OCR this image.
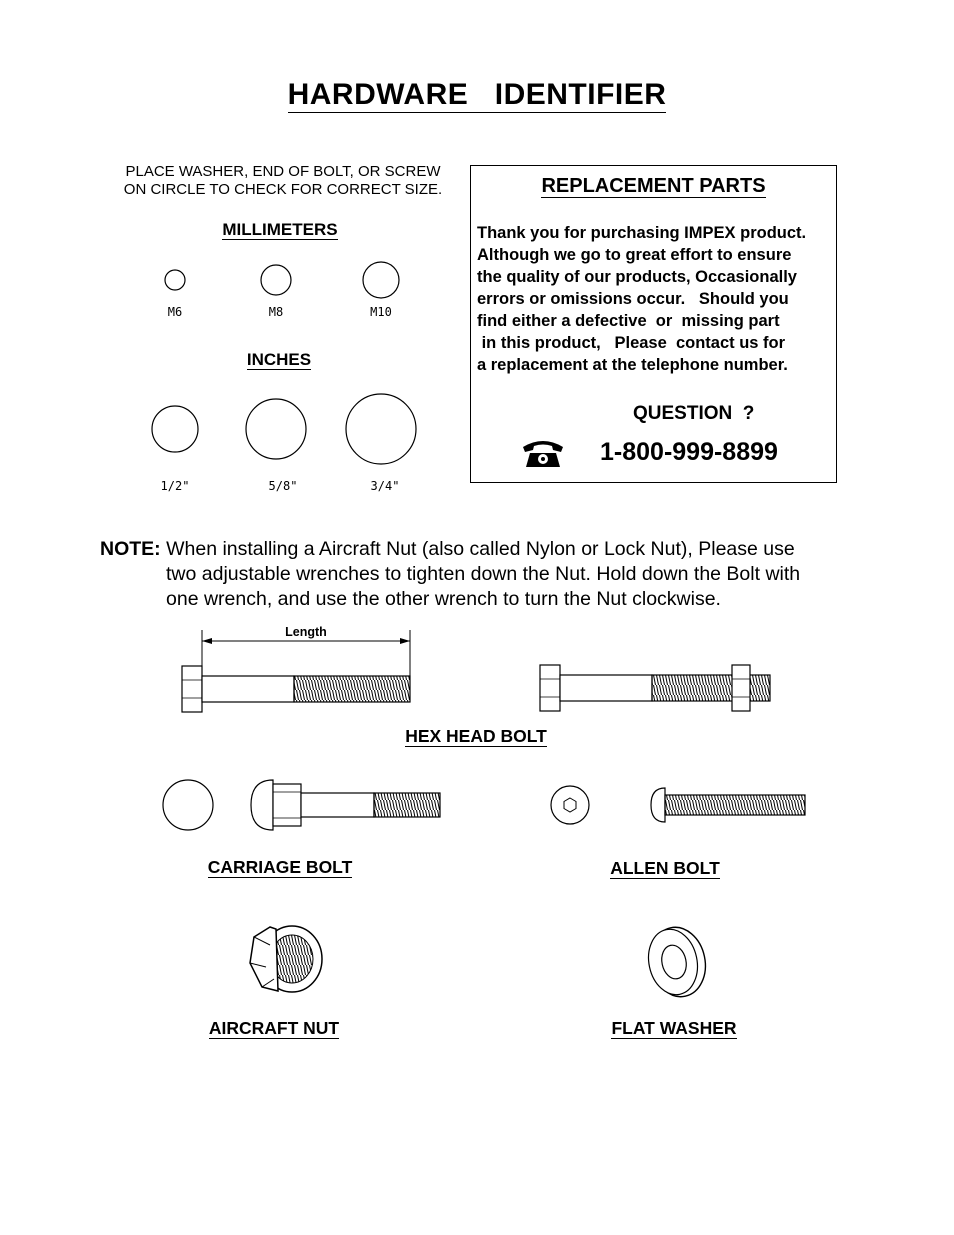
HARDWARE   IDENTIFIER
PLACE WASHER, END OF BOLT, OR SCREW
ON CIRCLE TO CHECK FOR CORRECT SIZE.
MILLIMETERS
M6	M8	M10
INCHES
1/2"	5/8"	3/4"
REPLACEMENT PARTS
Thank you for purchasing IMPEX product.
Although we go to great effort to ensure
the quality of our products, Occasionally
errors or omissions occur.   Should you
find either a defective  or  missing part
in this product,   Please  contact us for
a replacement at the telephone number.
QUESTION  ?
1-800-999-8899
NOTE: When installing a Aircraft Nut (also called Nylon or Lock Nut), Please use
two adjustable wrenches to tighten down the Nut. Hold down the Bolt with
one wrench, and use the other wrench to turn the Nut clockwise.
Length
HEX HEAD BOLT
CARRIAGE BOLT	ALLEN BOLT
AIRCRAFT NUT	FLAT WASHER
